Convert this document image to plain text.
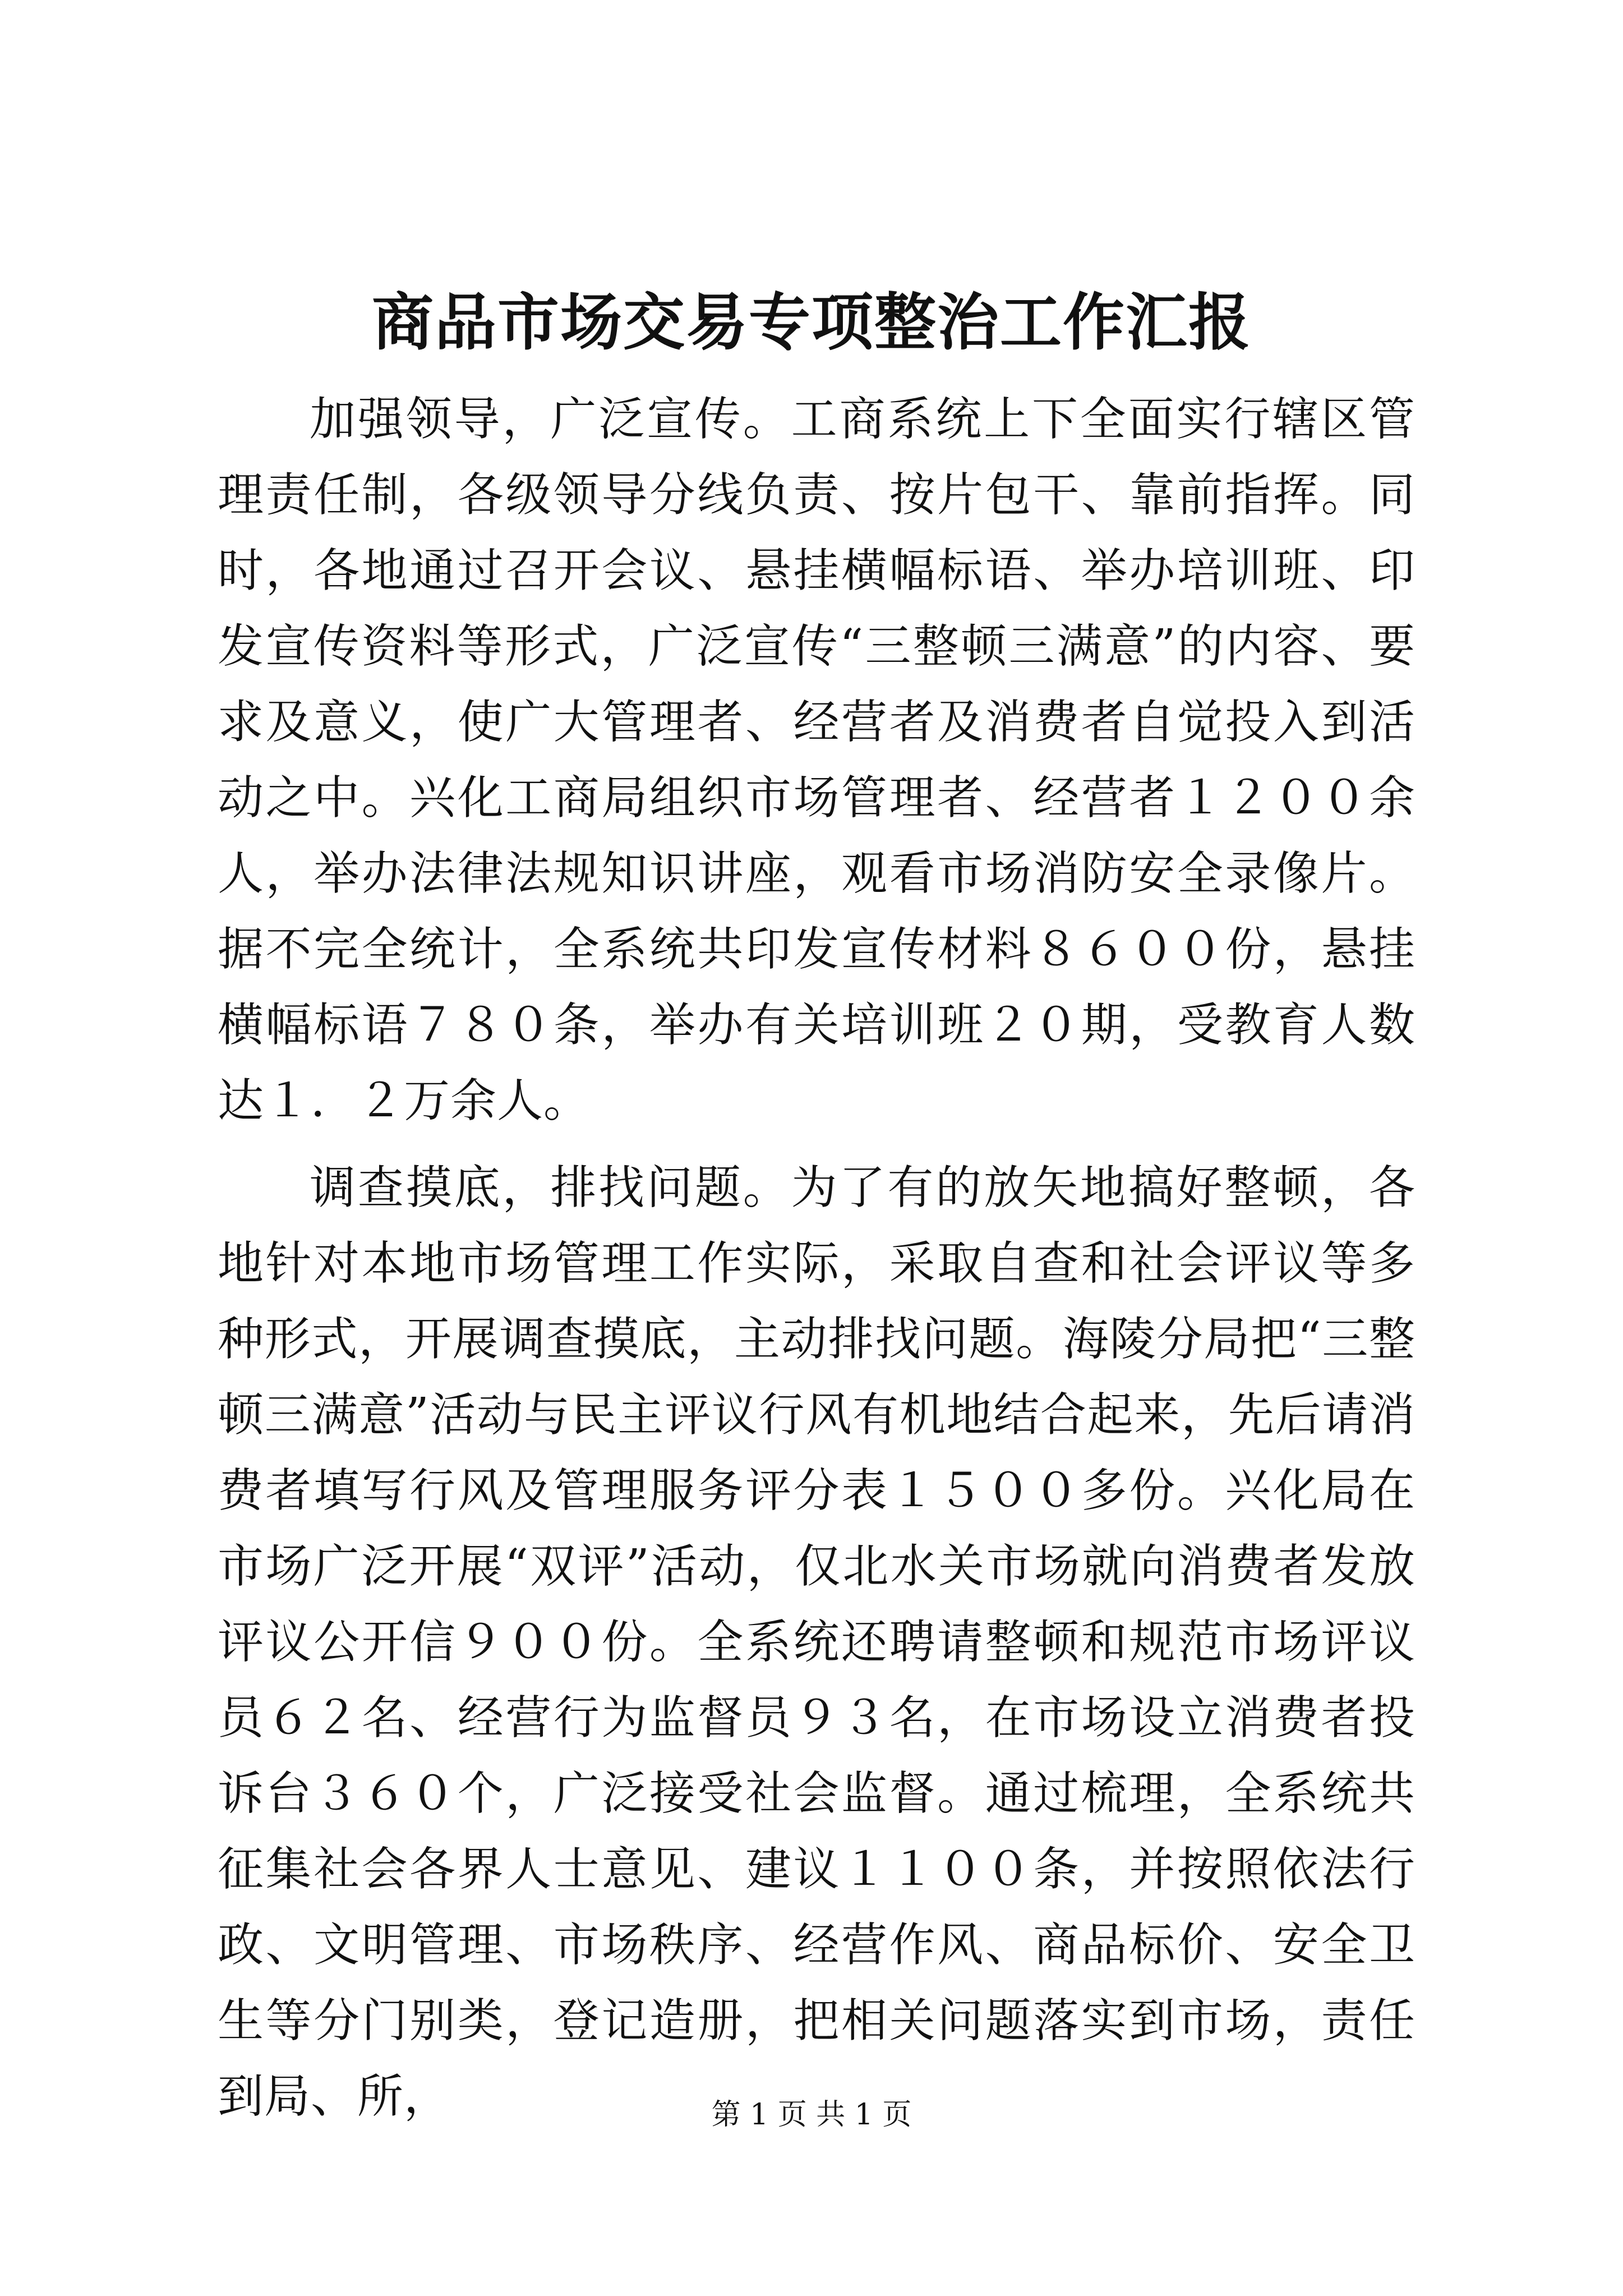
商品市场交易专项整治工作汇报

加强领导，广泛宣传。工商系统上下全面实行辖区管理责任制，各级领导分线负责、按片包干、靠前指挥。同时，各地通过召开会议、悬挂横幅标语、举办培训班、印发宣传资料等形式，广泛宣传“三整顿三满意”的内容、要求及意义，使广大管理者、经营者及消费者自觉投入到活动之中。兴化工商局组织市场管理者、经营者１２００余人，举办法律法规知识讲座，观看市场消防安全录像片。据不完全统计，全系统共印发宣传材料８６００份，悬挂横幅标语７８０条，举办有关培训班２０期，受教育人数达１．２万余人。

调查摸底，排找问题。为了有的放矢地搞好整顿，各地针对本地市场管理工作实际，采取自查和社会评议等多种形式，开展调查摸底，主动排找问题。海陵分局把“三整顿三满意”活动与民主评议行风有机地结合起来，先后请消费者填写行风及管理服务评分表１５００多份。兴化局在市场广泛开展“双评”活动，仅北水关市场就向消费者发放评议公开信９００份。全系统还聘请整顿和规范市场评议员６２名、经营行为监督员９３名，在市场设立消费者投诉台３６０个，广泛接受社会监督。通过梳理，全系统共征集社会各界人士意见、建议１１００条，并按照依法行政、文明管理、市场秩序、经营作风、商品标价、安全卫生等分门别类，登记造册，把相关问题落实到市场，责任到局、所，	第 1 页 共 1 页
